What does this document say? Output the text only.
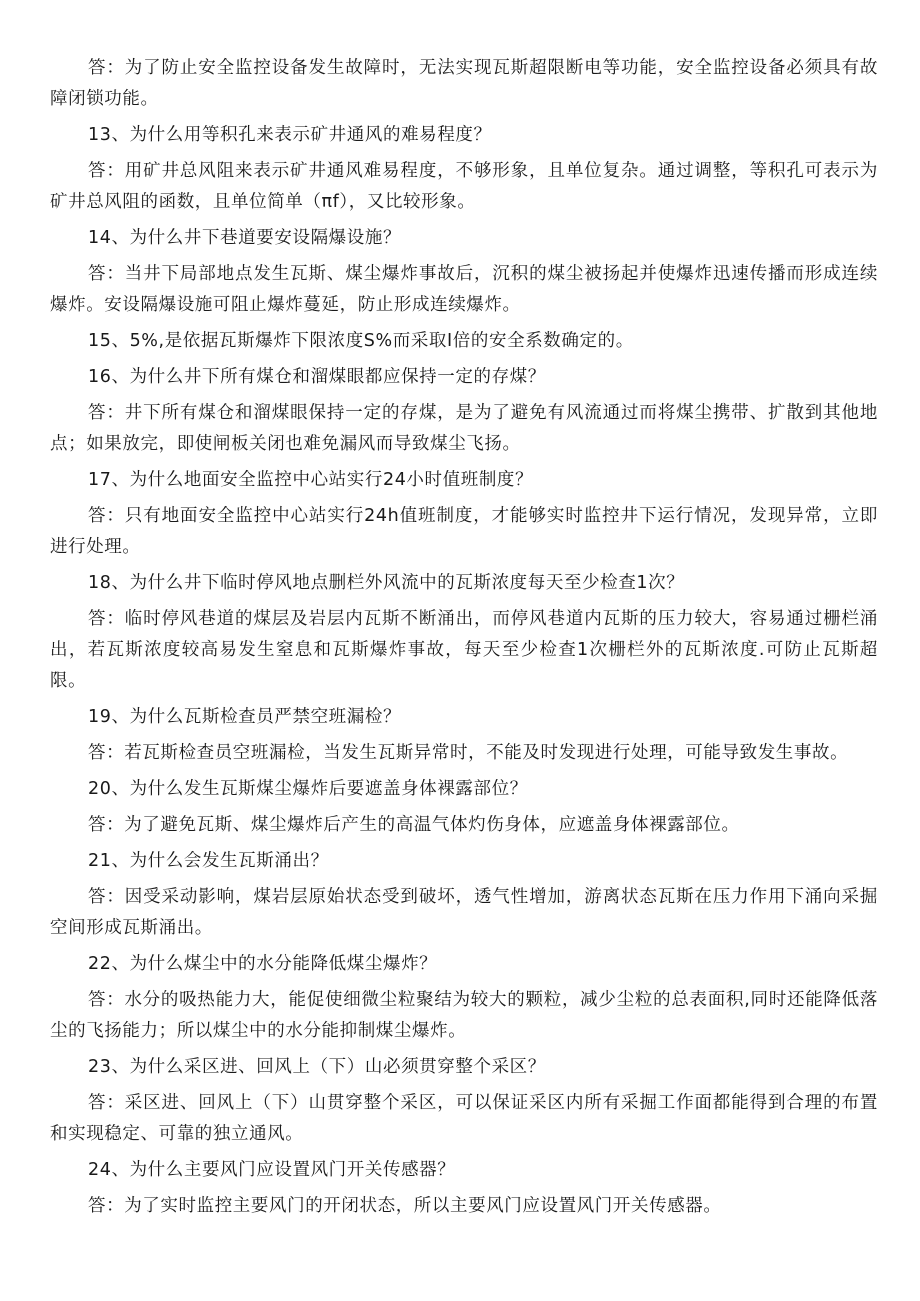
答：为了防止安全监控设备发生故障时，无法实现瓦斯超限断电等功能，安全监控设备必须具有故障闭锁功能。

13、为什么用等积孔来表示矿井通风的难易程度？

答：用矿井总风阻来表示矿井通风难易程度，不够形象，且单位复杂。通过调整，等积孔可表示为矿井总风阻的函数，且单位简单（πf），又比较形象。

14、为什么井下巷道要安设隔爆设施？

答：当井下局部地点发生瓦斯、煤尘爆炸事故后，沉积的煤尘被扬起并使爆炸迅速传播而形成连续爆炸。安设隔爆设施可阻止爆炸蔓延，防止形成连续爆炸。

15、5%,是依据瓦斯爆炸下限浓度S%而采取Ⅰ倍的安全系数确定的。

16、为什么井下所有煤仓和溜煤眼都应保持一定的存煤？

答：井下所有煤仓和溜煤眼保持一定的存煤，是为了避免有风流通过而将煤尘携带、扩散到其他地点；如果放完，即使闸板关闭也难免漏风而导致煤尘飞扬。

17、为什么地面安全监控中心站实行24小时值班制度？

答：只有地面安全监控中心站实行24h值班制度，才能够实时监控井下运行情况，发现异常，立即进行处理。

18、为什么井下临时停风地点删栏外风流中的瓦斯浓度每天至少检查1次？

答：临时停风巷道的煤层及岩层内瓦斯不断涌出，而停风巷道内瓦斯的压力较大，容易通过栅栏涌出，若瓦斯浓度较高易发生窒息和瓦斯爆炸事故，每天至少检查1次栅栏外的瓦斯浓度.可防止瓦斯超限。

19、为什么瓦斯检查员严禁空班漏检？

答：若瓦斯检查员空班漏检，当发生瓦斯异常时，不能及时发现进行处理，可能导致发生事故。

20、为什么发生瓦斯煤尘爆炸后要遮盖身体裸露部位？

答：为了避免瓦斯、煤尘爆炸后产生的高温气体灼伤身体，应遮盖身体裸露部位。

21、为什么会发生瓦斯涌出？

答：因受采动影响，煤岩层原始状态受到破坏，透气性增加，游离状态瓦斯在压力作用下涌向采掘空间形成瓦斯涌出。

22、为什么煤尘中的水分能降低煤尘爆炸？

答：水分的吸热能力大，能促使细微尘粒聚结为较大的颗粒，减少尘粒的总表面积,同时还能降低落尘的飞扬能力；所以煤尘中的水分能抑制煤尘爆炸。

23、为什么采区进、回风上（下）山必须贯穿整个采区？

答：采区进、回风上（下）山贯穿整个采区，可以保证采区内所有采掘工作面都能得到合理的布置和实现稳定、可靠的独立通风。

24、为什么主要风门应设置风门开关传感器？

答：为了实时监控主要风门的开闭状态，所以主要风门应设置风门开关传感器。
